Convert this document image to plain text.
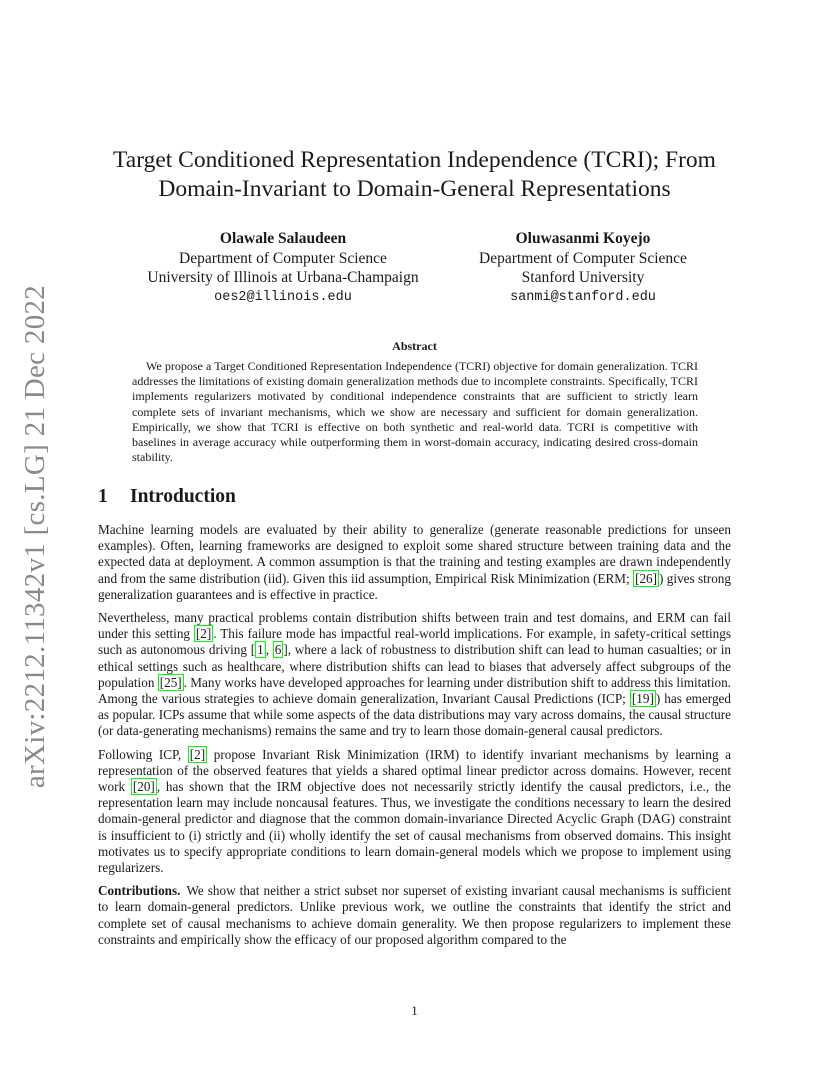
arXiv:2212.11342v1 [cs.LG] 21 Dec 2022
Target Conditioned Representation Independence (TCRI); From
Domain-Invariant to Domain-General Representations
Olawale Salaudeen
Department of Computer Science
University of Illinois at Urbana-Champaign
oes2@illinois.edu
Oluwasanmi Koyejo
Department of Computer Science
Stanford University
sanmi@stanford.edu
Abstract

We propose a Target Conditioned Representation Independence (TCRI) objective for domain generalization. TCRI addresses the limitations of existing domain generalization methods due to incomplete constraints. Specifically, TCRI implements regularizers motivated by conditional independence constraints that are sufficient to strictly learn complete sets of invariant mechanisms, which we show are necessary and sufficient for domain generalization. Empirically, we show that TCRI is effective on both synthetic and real-world data. TCRI is competitive with baselines in average accuracy while outperforming them in worst-domain accuracy, indicating desired cross-domain stability.

1 Introduction

Machine learning models are evaluated by their ability to generalize (generate reasonable predictions for unseen examples). Often, learning frameworks are designed to exploit some shared structure between training data and the expected data at deployment. A common assumption is that the training and testing examples are drawn independently and from the same distribution (iid). Given this iid assumption, Empirical Risk Minimization (ERM; [26] ) gives strong generalization guarantees and is effective in practice.

Nevertheless, many practical problems contain distribution shifts between train and test domains, and ERM can fail under this setting [2] . This failure mode has impactful real-world implications. For example, in safety-critical settings such as autonomous driving [ 1 , 6 ], where a lack of robustness to distribution shift can lead to human casualties; or in ethical settings such as healthcare, where distribution shifts can lead to biases that adversely affect subgroups of the population [25] . Many works have developed approaches for learning under distribution shift to address this limitation. Among the various strategies to achieve domain generalization, Invariant Causal Predictions (ICP; [19] ) has emerged as popular. ICPs assume that while some aspects of the data distributions may vary across domains, the causal structure (or data-generating mechanisms) remains the same and try to learn those domain-general causal predictors.

Following ICP, [2] propose Invariant Risk Minimization (IRM) to identify invariant mechanisms by learning a representation of the observed features that yields a shared optimal linear predictor across domains. However, recent work [20] , has shown that the IRM objective does not necessarily strictly identify the causal predictors, i.e., the representation learn may include noncausal features. Thus, we investigate the conditions necessary to learn the desired domain-general predictor and diagnose that the common domain-invariance Directed Acyclic Graph (DAG) constraint is insufficient to (i) strictly and (ii) wholly identify the set of causal mechanisms from observed domains. This insight motivates us to specify appropriate conditions to learn domain-general models which we propose to implement using regularizers.

Contributions. We show that neither a strict subset nor superset of existing invariant causal mechanisms is sufficient to learn domain-general predictors. Unlike previous work, we outline the constraints that identify the strict and complete set of causal mechanisms to achieve domain generality. We then propose regularizers to implement these constraints and empirically show the efficacy of our proposed algorithm compared to the

1
